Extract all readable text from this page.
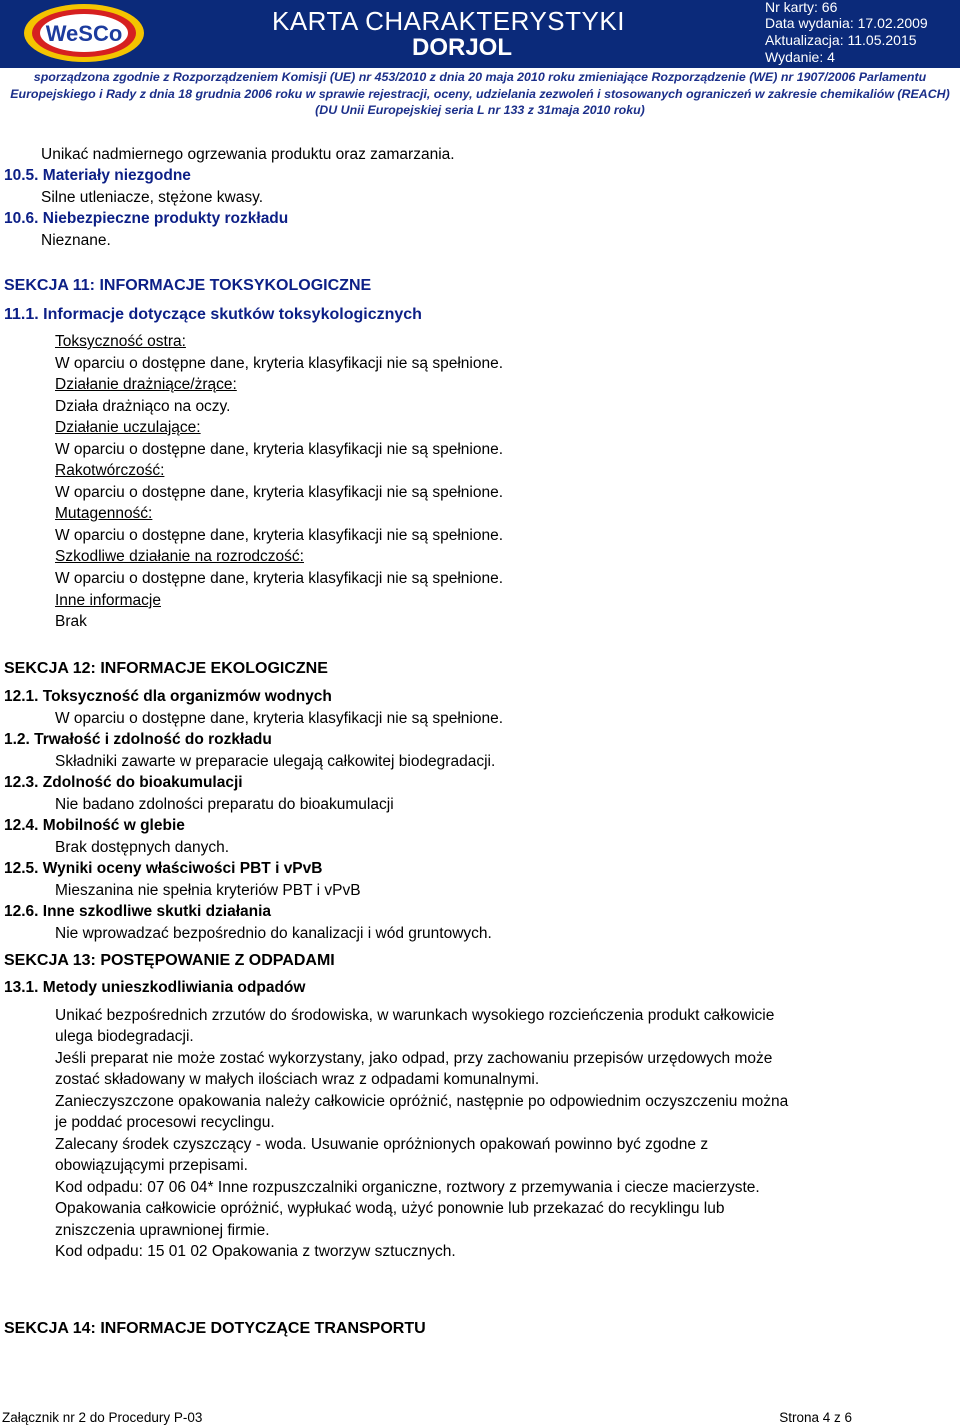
WeSCo	KARTA CHARAKTERYSTYKI
DORJOL
Nr karty: 66
Data wydania: 17.02.2009
Aktualizacja: 11.05.2015
Wydanie: 4
sporządzona zgodnie z Rozporządzeniem Komisji (UE) nr 453/2010 z dnia 20 maja 2010 roku zmieniające Rozporządzenie (WE) nr 1907/2006 Parlamentu
Europejskiego i Rady z dnia 18 grudnia 2006 roku w sprawie rejestracji, oceny, udzielania zezwoleń i stosowanych ograniczeń w zakresie chemikaliów (REACH)
(DU Unii Europejskiej seria L nr 133 z 31maja 2010 roku)
Unikać nadmiernego ogrzewania produktu oraz zamarzania.
10.5. Materiały niezgodne
Silne utleniacze, stężone kwasy.
10.6. Niebezpieczne produkty rozkładu
Nieznane.
SEKCJA 11: INFORMACJE TOKSYKOLOGICZNE
11.1. Informacje dotyczące skutków toksykologicznych
Toksyczność ostra:
W oparciu o dostępne dane, kryteria klasyfikacji nie są spełnione.
Działanie drażniące/żrące:
Działa drażniąco na oczy.
Działanie uczulające:
W oparciu o dostępne dane, kryteria klasyfikacji nie są spełnione.
Rakotwórczość:
W oparciu o dostępne dane, kryteria klasyfikacji nie są spełnione.
Mutagenność:
W oparciu o dostępne dane, kryteria klasyfikacji nie są spełnione.
Szkodliwe działanie na rozrodczość:
W oparciu o dostępne dane, kryteria klasyfikacji nie są spełnione.
Inne informacje
Brak
SEKCJA 12: INFORMACJE EKOLOGICZNE
12.1. Toksyczność dla organizmów wodnych
W oparciu o dostępne dane, kryteria klasyfikacji nie są spełnione.
1.2. Trwałość i zdolność do rozkładu
Składniki zawarte w preparacie ulegają całkowitej biodegradacji.
12.3. Zdolność do bioakumulacji
Nie badano zdolności preparatu do bioakumulacji
12.4. Mobilność w glebie
Brak dostępnych danych.
12.5. Wyniki oceny właściwości PBT i vPvB
Mieszanina nie spełnia kryteriów PBT i vPvB
12.6. Inne szkodliwe skutki działania
Nie wprowadzać bezpośrednio do kanalizacji i wód gruntowych.
SEKCJA 13: POSTĘPOWANIE Z ODPADAMI
13.1. Metody unieszkodliwiania odpadów
Unikać bezpośrednich zrzutów do środowiska, w warunkach wysokiego rozcieńczenia produkt całkowicie
ulega biodegradacji.
Jeśli preparat nie może zostać wykorzystany, jako odpad, przy zachowaniu przepisów urzędowych może
zostać składowany w małych ilościach wraz z odpadami komunalnymi.
Zanieczyszczone opakowania należy całkowicie opróżnić, następnie po odpowiednim oczyszczeniu można
je poddać procesowi recyclingu.
Zalecany środek czyszczący - woda. Usuwanie opróżnionych opakowań powinno być zgodne z
obowiązującymi przepisami.
Kod odpadu: 07 06 04* Inne rozpuszczalniki organiczne, roztwory z przemywania i ciecze macierzyste.
Opakowania całkowicie opróżnić, wypłukać wodą, użyć ponownie lub przekazać do recyklingu lub
zniszczenia uprawnionej firmie.
Kod odpadu: 15 01 02 Opakowania z tworzyw sztucznych.
SEKCJA 14: INFORMACJE DOTYCZĄCE TRANSPORTU
Załącznik nr 2 do Procedury P-03	Strona 4 z 6
